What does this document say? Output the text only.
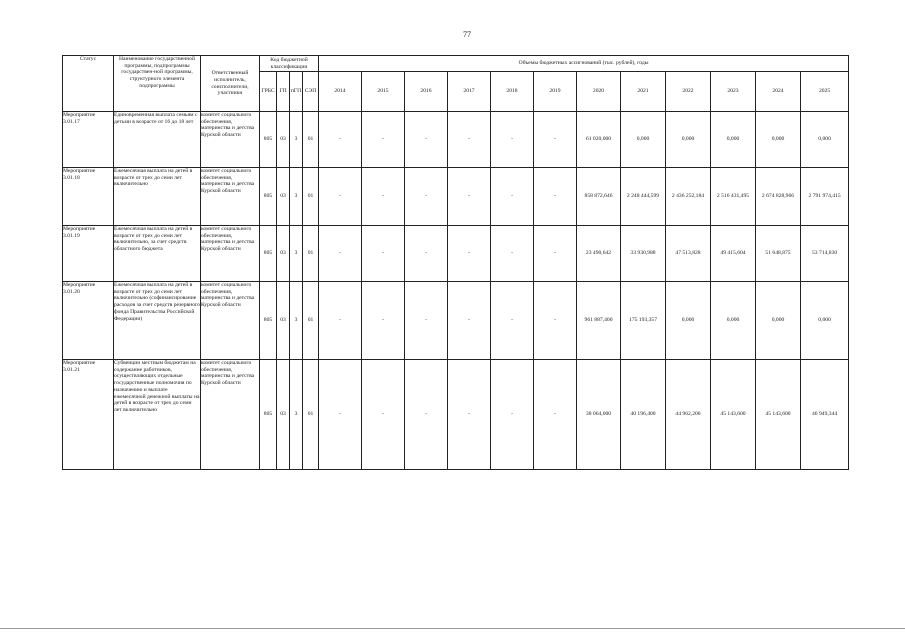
77
Статус	Наименование государственной программы, подпрограммы государствен-ной программы, структурного элемента подпрограммы	Ответственный исполнитель, соисполнители, участники	Код бюджетной классификации				Объемы бюджетных ассигнований (тыс. рублей), годы											
			ГРБС	ГП	пГП	СЭП	2014	2015	2016	2017	2018	2019	2020	2021	2022	2023	2024	2025
Мероприятие 3.01.17	Единовременная выплата семьям с детьми в возрасте от 16 до 18 лет	комитет социального обеспечения, материнства и детства Курской области	805	03	3	01	-	-	-	-	-	-	61 020,000	0,000	0,000	0,000	0,000	0,000
Мероприятие 3.01.18	Ежемесячная выплата на детей в возрасте от трех до семи лет включительно	комитет социального обеспечения, материнства и детства Курской области	805	03	3	01	-	-	-	-	-	-	858 872,646	2 248 444,599	2 436 252,184	2 516 431,495	2 674 828,966	2 791 974,415
Мероприятие 3.01.19	Ежемесячная выплата на детей в возрасте от трех до семи лет включительно, за счет средств областного бюджета	комитет социального обеспечения, материнства и детства Курской области	805	03	3	01	-	-	-	-	-	-	23 490,642	33 930,988	47 513,828	49 415,604	51 648,875	53 714,830
Мероприятие 3.01.20	Ежемесячная выплата на детей в возрасте от трех до семи лет включительно (софинансирование расходов за счет средств резервного фонда Правительства Российской Федерации)	комитет социального обеспечения, материнства и детства Курской области	805	03	3	01	-	-	-	-	-	-	961 887,400	175 193,357	0,000	0,000	0,000	0,000
Мероприятие 3.01.21	Субвенции местным бюджетам на содержание работников, осуществляющих отдельные государственные полномочия по назначению и выплате ежемесячной денежной выплаты на детей в возрасте от трех до семи лет включительно	комитет социального обеспечения, материнства и детства Курской области	805	03	3	01	-	-	-	-	-	-	38 064,000	40 196,400	44 962,200	45 143,600	45 143,600	46 949,344
